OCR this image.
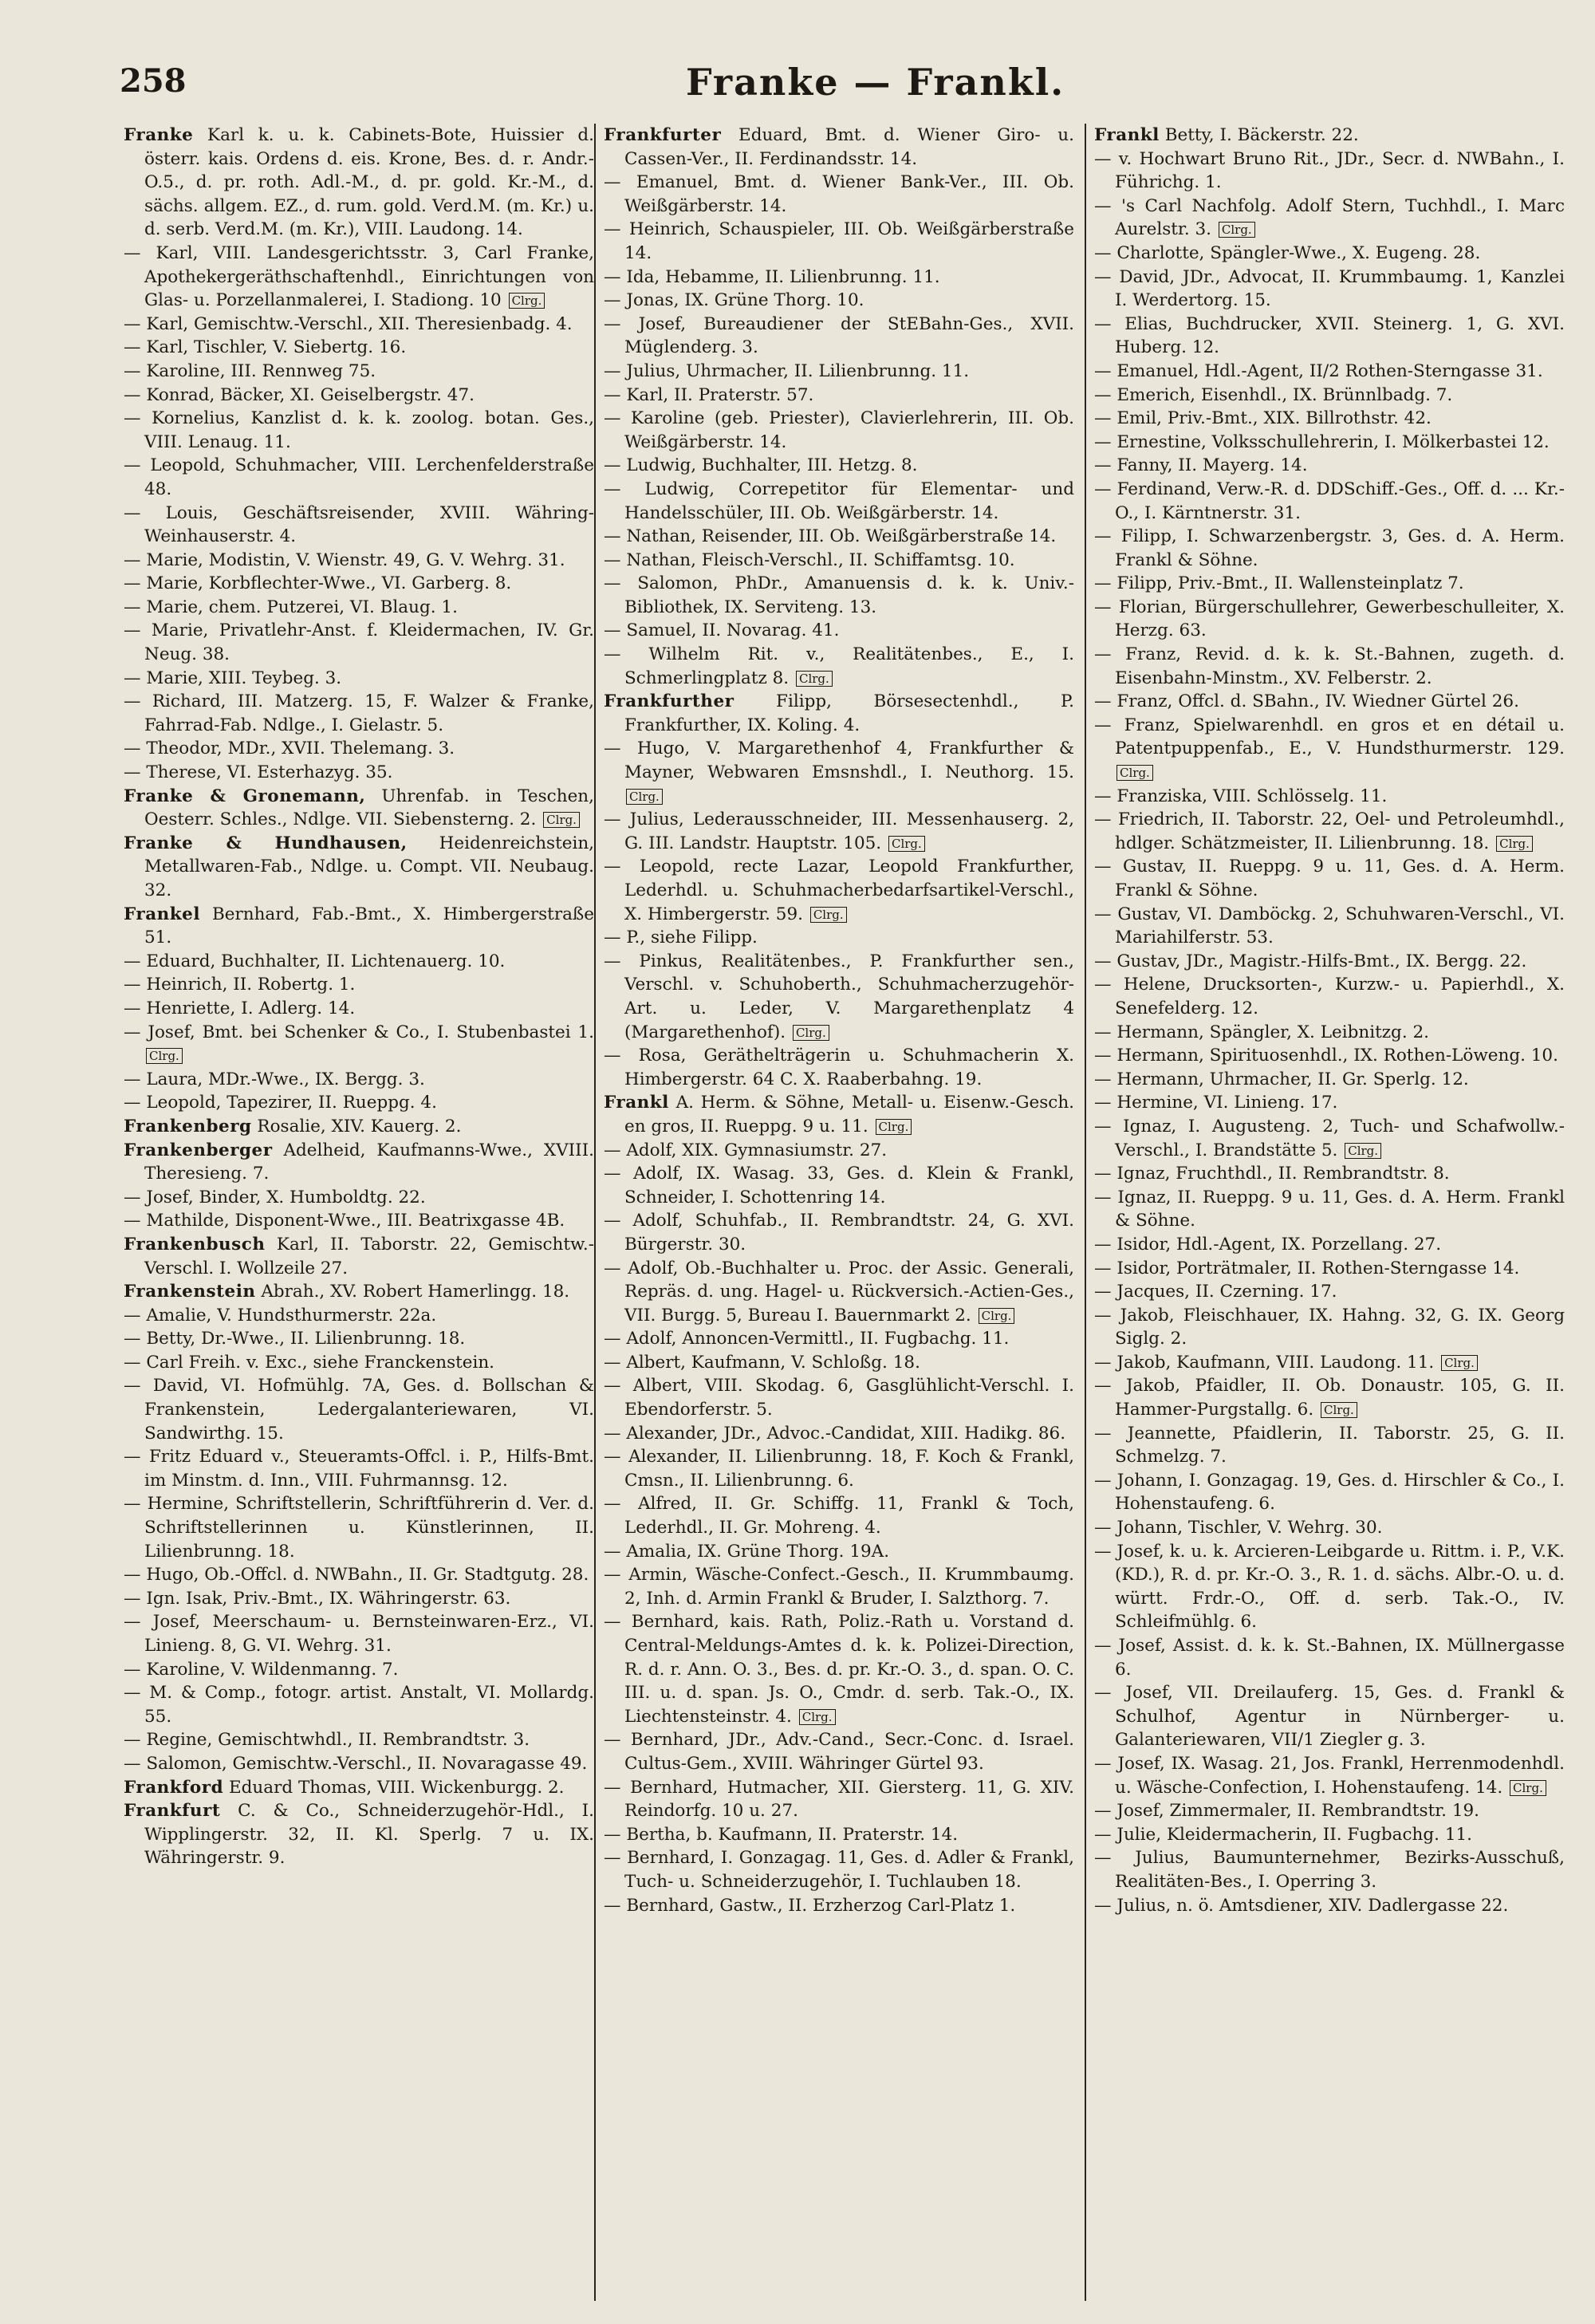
258	Franke — Frankl.

Franke Karl k. u. k. Cabinets-Bote, Huissier d. österr. kais. Ordens d. eis. Krone, Bes. d. r. Andr.-O.5., d. pr. roth. Adl.-M., d. pr. gold. Kr.-M., d. sächs. allgem. EZ., d. rum. gold. Verd.M. (m. Kr.) u. d. serb. Verd.M. (m. Kr.), VIII. Laudong. 14.

— Karl, VIII. Landesgerichtsstr. 3, Carl Franke, Apothekergeräthschaftenhdl., Einrichtungen von Glas- u. Porzellanmalerei, I. Stadiong. 10 Clrg.

— Karl, Gemischtw.-Verschl., XII. Theresienbadg. 4.

— Karl, Tischler, V. Siebertg. 16.

— Karoline, III. Rennweg 75.

— Konrad, Bäcker, XI. Geiselbergstr. 47.

— Kornelius, Kanzlist d. k. k. zoolog. botan. Ges., VIII. Lenaug. 11.

— Leopold, Schuhmacher, VIII. Lerchenfelderstraße 48.

— Louis, Geschäftsreisender, XVIII. Währing-Weinhauserstr. 4.

— Marie, Modistin, V. Wienstr. 49, G. V. Wehrg. 31.

— Marie, Korbflechter-Wwe., VI. Garberg. 8.

— Marie, chem. Putzerei, VI. Blaug. 1.

— Marie, Privatlehr-Anst. f. Kleidermachen, IV. Gr. Neug. 38.

— Marie, XIII. Teybeg. 3.

— Richard, III. Matzerg. 15, F. Walzer & Franke, Fahrrad-Fab. Ndlge., I. Gielastr. 5.

— Theodor, MDr., XVII. Thelemang. 3.

— Therese, VI. Esterhazyg. 35.

Franke & Gronemann, Uhrenfab. in Teschen, Oesterr. Schles., Ndlge. VII. Siebensterng. 2. Clrg.

Franke & Hundhausen, Heidenreichstein, Metallwaren-Fab., Ndlge. u. Compt. VII. Neubaug. 32.

Frankel Bernhard, Fab.-Bmt., X. Himbergerstraße 51.

— Eduard, Buchhalter, II. Lichtenauerg. 10.

— Heinrich, II. Robertg. 1.

— Henriette, I. Adlerg. 14.

— Josef, Bmt. bei Schenker & Co., I. Stubenbastei 1. Clrg.

— Laura, MDr.-Wwe., IX. Bergg. 3.

— Leopold, Tapezirer, II. Rueppg. 4.

Frankenberg Rosalie, XIV. Kauerg. 2.

Frankenberger Adelheid, Kaufmanns-Wwe., XVIII. Theresieng. 7.

— Josef, Binder, X. Humboldtg. 22.

— Mathilde, Disponent-Wwe., III. Beatrixgasse 4B.

Frankenbusch Karl, II. Taborstr. 22, Gemischtw.-Verschl. I. Wollzeile 27.

Frankenstein Abrah., XV. Robert Hamerlingg. 18.

— Amalie, V. Hundsthurmerstr. 22a.

— Betty, Dr.-Wwe., II. Lilienbrunng. 18.

— Carl Freih. v. Exc., siehe Franckenstein.

— David, VI. Hofmühlg. 7A, Ges. d. Bollschan & Frankenstein, Ledergalanteriewaren, VI. Sandwirthg. 15.

— Fritz Eduard v., Steueramts-Offcl. i. P., Hilfs-Bmt. im Minstm. d. Inn., VIII. Fuhrmannsg. 12.

— Hermine, Schriftstellerin, Schriftführerin d. Ver. d. Schriftstellerinnen u. Künstlerinnen, II. Lilienbrunng. 18.

— Hugo, Ob.-Offcl. d. NWBahn., II. Gr. Stadtgutg. 28.

— Ign. Isak, Priv.-Bmt., IX. Währingerstr. 63.

— Josef, Meerschaum- u. Bernsteinwaren-Erz., VI. Linieng. 8, G. VI. Wehrg. 31.

— Karoline, V. Wildenmanng. 7.

— M. & Comp., fotogr. artist. Anstalt, VI. Mollardg. 55.

— Regine, Gemischtwhdl., II. Rembrandtstr. 3.

— Salomon, Gemischtw.-Verschl., II. Novaragasse 49.

Frankford Eduard Thomas, VIII. Wickenburgg. 2.

Frankfurt C. & Co., Schneiderzugehör-Hdl., I. Wipplingerstr. 32, II. Kl. Sperlg. 7 u. IX. Währingerstr. 9.

Frankfurter Eduard, Bmt. d. Wiener Giro- u. Cassen-Ver., II. Ferdinandsstr. 14.

— Emanuel, Bmt. d. Wiener Bank-Ver., III. Ob. Weißgärberstr. 14.

— Heinrich, Schauspieler, III. Ob. Weißgärberstraße 14.

— Ida, Hebamme, II. Lilienbrunng. 11.

— Jonas, IX. Grüne Thorg. 10.

— Josef, Bureaudiener der StEBahn-Ges., XVII. Müglenderg. 3.

— Julius, Uhrmacher, II. Lilienbrunng. 11.

— Karl, II. Praterstr. 57.

— Karoline (geb. Priester), Clavierlehrerin, III. Ob. Weißgärberstr. 14.

— Ludwig, Buchhalter, III. Hetzg. 8.

— Ludwig, Correpetitor für Elementar- und Handelsschüler, III. Ob. Weißgärberstr. 14.

— Nathan, Reisender, III. Ob. Weißgärberstraße 14.

— Nathan, Fleisch-Verschl., II. Schiffamtsg. 10.

— Salomon, PhDr., Amanuensis d. k. k. Univ.-Bibliothek, IX. Serviteng. 13.

— Samuel, II. Novarag. 41.

— Wilhelm Rit. v., Realitätenbes., E., I. Schmerlingplatz 8. Clrg.

Frankfurther Filipp, Börsesectenhdl., P. Frankfurther, IX. Koling. 4.

— Hugo, V. Margarethenhof 4, Frankfurther & Mayner, Webwaren Emsnshdl., I. Neuthorg. 15. Clrg.

— Julius, Lederausschneider, III. Messenhauserg. 2, G. III. Landstr. Hauptstr. 105. Clrg.

— Leopold, recte Lazar, Leopold Frankfurther, Lederhdl. u. Schuhmacherbedarfsartikel-Verschl., X. Himbergerstr. 59. Clrg.

— P., siehe Filipp.

— Pinkus, Realitätenbes., P. Frankfurther sen., Verschl. v. Schuhoberth., Schuhmacherzugehör-Art. u. Leder, V. Margarethenplatz 4 (Margarethenhof). Clrg.

— Rosa, Geräthelträgerin u. Schuhmacherin X. Himbergerstr. 64 C. X. Raaberbahng. 19.

Frankl A. Herm. & Söhne, Metall- u. Eisenw.-Gesch. en gros, II. Rueppg. 9 u. 11. Clrg.

— Adolf, XIX. Gymnasiumstr. 27.

— Adolf, IX. Wasag. 33, Ges. d. Klein & Frankl, Schneider, I. Schottenring 14.

— Adolf, Schuhfab., II. Rembrandtstr. 24, G. XVI. Bürgerstr. 30.

— Adolf, Ob.-Buchhalter u. Proc. der Assic. Generali, Repräs. d. ung. Hagel- u. Rückversich.-Actien-Ges., VII. Burgg. 5, Bureau I. Bauernmarkt 2. Clrg.

— Adolf, Annoncen-Vermittl., II. Fugbachg. 11.

— Albert, Kaufmann, V. Schloßg. 18.

— Albert, VIII. Skodag. 6, Gasglühlicht-Verschl. I. Ebendorferstr. 5.

— Alexander, JDr., Advoc.-Candidat, XIII. Hadikg. 86.

— Alexander, II. Lilienbrunng. 18, F. Koch & Frankl, Cmsn., II. Lilienbrunng. 6.

— Alfred, II. Gr. Schiffg. 11, Frankl & Toch, Lederhdl., II. Gr. Mohreng. 4.

— Amalia, IX. Grüne Thorg. 19A.

— Armin, Wäsche-Confect.-Gesch., II. Krummbaumg. 2, Inh. d. Armin Frankl & Bruder, I. Salzthorg. 7.

— Bernhard, kais. Rath, Poliz.-Rath u. Vorstand d. Central-Meldungs-Amtes d. k. k. Polizei-Direction, R. d. r. Ann. O. 3., Bes. d. pr. Kr.-O. 3., d. span. O. C. III. u. d. span. Js. O., Cmdr. d. serb. Tak.-O., IX. Liechtensteinstr. 4. Clrg.

— Bernhard, JDr., Adv.-Cand., Secr.-Conc. d. Israel. Cultus-Gem., XVIII. Währinger Gürtel 93.

— Bernhard, Hutmacher, XII. Giersterg. 11, G. XIV. Reindorfg. 10 u. 27.

— Bertha, b. Kaufmann, II. Praterstr. 14.

— Bernhard, I. Gonzagag. 11, Ges. d. Adler & Frankl, Tuch- u. Schneiderzugehör, I. Tuchlauben 18.

— Bernhard, Gastw., II. Erzherzog Carl-Platz 1.

Frankl Betty, I. Bäckerstr. 22.

— v. Hochwart Bruno Rit., JDr., Secr. d. NWBahn., I. Führichg. 1.

— 's Carl Nachfolg. Adolf Stern, Tuchhdl., I. Marc Aurelstr. 3. Clrg.

— Charlotte, Spängler-Wwe., X. Eugeng. 28.

— David, JDr., Advocat, II. Krummbaumg. 1, Kanzlei I. Werdertorg. 15.

— Elias, Buchdrucker, XVII. Steinerg. 1, G. XVI. Huberg. 12.

— Emanuel, Hdl.-Agent, II/2 Rothen-Sterngasse 31.

— Emerich, Eisenhdl., IX. Brünnlbadg. 7.

— Emil, Priv.-Bmt., XIX. Billrothstr. 42.

— Ernestine, Volksschullehrerin, I. Mölkerbastei 12.

— Fanny, II. Mayerg. 14.

— Ferdinand, Verw.-R. d. DDSchiff.-Ges., Off. d. ... Kr.-O., I. Kärntnerstr. 31.

— Filipp, I. Schwarzenbergstr. 3, Ges. d. A. Herm. Frankl & Söhne.

— Filipp, Priv.-Bmt., II. Wallensteinplatz 7.

— Florian, Bürgerschullehrer, Gewerbeschulleiter, X. Herzg. 63.

— Franz, Revid. d. k. k. St.-Bahnen, zugeth. d. Eisenbahn-Minstm., XV. Felberstr. 2.

— Franz, Offcl. d. SBahn., IV. Wiedner Gürtel 26.

— Franz, Spielwarenhdl. en gros et en détail u. Patentpuppenfab., E., V. Hundsthurmerstr. 129. Clrg.

— Franziska, VIII. Schlösselg. 11.

— Friedrich, II. Taborstr. 22, Oel- und Petroleumhdl., hdlger. Schätzmeister, II. Lilienbrunng. 18. Clrg.

— Gustav, II. Rueppg. 9 u. 11, Ges. d. A. Herm. Frankl & Söhne.

— Gustav, VI. Damböckg. 2, Schuhwaren-Verschl., VI. Mariahilferstr. 53.

— Gustav, JDr., Magistr.-Hilfs-Bmt., IX. Bergg. 22.

— Helene, Drucksorten-, Kurzw.- u. Papierhdl., X. Senefelderg. 12.

— Hermann, Spängler, X. Leibnitzg. 2.

— Hermann, Spirituosenhdl., IX. Rothen-Löweng. 10.

— Hermann, Uhrmacher, II. Gr. Sperlg. 12.

— Hermine, VI. Linieng. 17.

— Ignaz, I. Augusteng. 2, Tuch- und Schafwollw.-Verschl., I. Brandstätte 5. Clrg.

— Ignaz, Fruchthdl., II. Rembrandtstr. 8.

— Ignaz, II. Rueppg. 9 u. 11, Ges. d. A. Herm. Frankl & Söhne.

— Isidor, Hdl.-Agent, IX. Porzellang. 27.

— Isidor, Porträtmaler, II. Rothen-Sterngasse 14.

— Jacques, II. Czerning. 17.

— Jakob, Fleischhauer, IX. Hahng. 32, G. IX. Georg Siglg. 2.

— Jakob, Kaufmann, VIII. Laudong. 11. Clrg.

— Jakob, Pfaidler, II. Ob. Donaustr. 105, G. II. Hammer-Purgstallg. 6. Clrg.

— Jeannette, Pfaidlerin, II. Taborstr. 25, G. II. Schmelzg. 7.

— Johann, I. Gonzagag. 19, Ges. d. Hirschler & Co., I. Hohenstaufeng. 6.

— Johann, Tischler, V. Wehrg. 30.

— Josef, k. u. k. Arcieren-Leibgarde u. Rittm. i. P., V.K. (KD.), R. d. pr. Kr.-O. 3., R. 1. d. sächs. Albr.-O. u. d. württ. Frdr.-O., Off. d. serb. Tak.-O., IV. Schleifmühlg. 6.

— Josef, Assist. d. k. k. St.-Bahnen, IX. Müllnergasse 6.

— Josef, VII. Dreilauferg. 15, Ges. d. Frankl & Schulhof, Agentur in Nürnberger- u. Galanteriewaren, VII/1 Ziegler g. 3.

— Josef, IX. Wasag. 21, Jos. Frankl, Herrenmodenhdl. u. Wäsche-Confection, I. Hohenstaufeng. 14. Clrg.

— Josef, Zimmermaler, II. Rembrandtstr. 19.

— Julie, Kleidermacherin, II. Fugbachg. 11.

— Julius, Baumunternehmer, Bezirks-Ausschuß, Realitäten-Bes., I. Operring 3.

— Julius, n. ö. Amtsdiener, XIV. Dadlergasse 22.
